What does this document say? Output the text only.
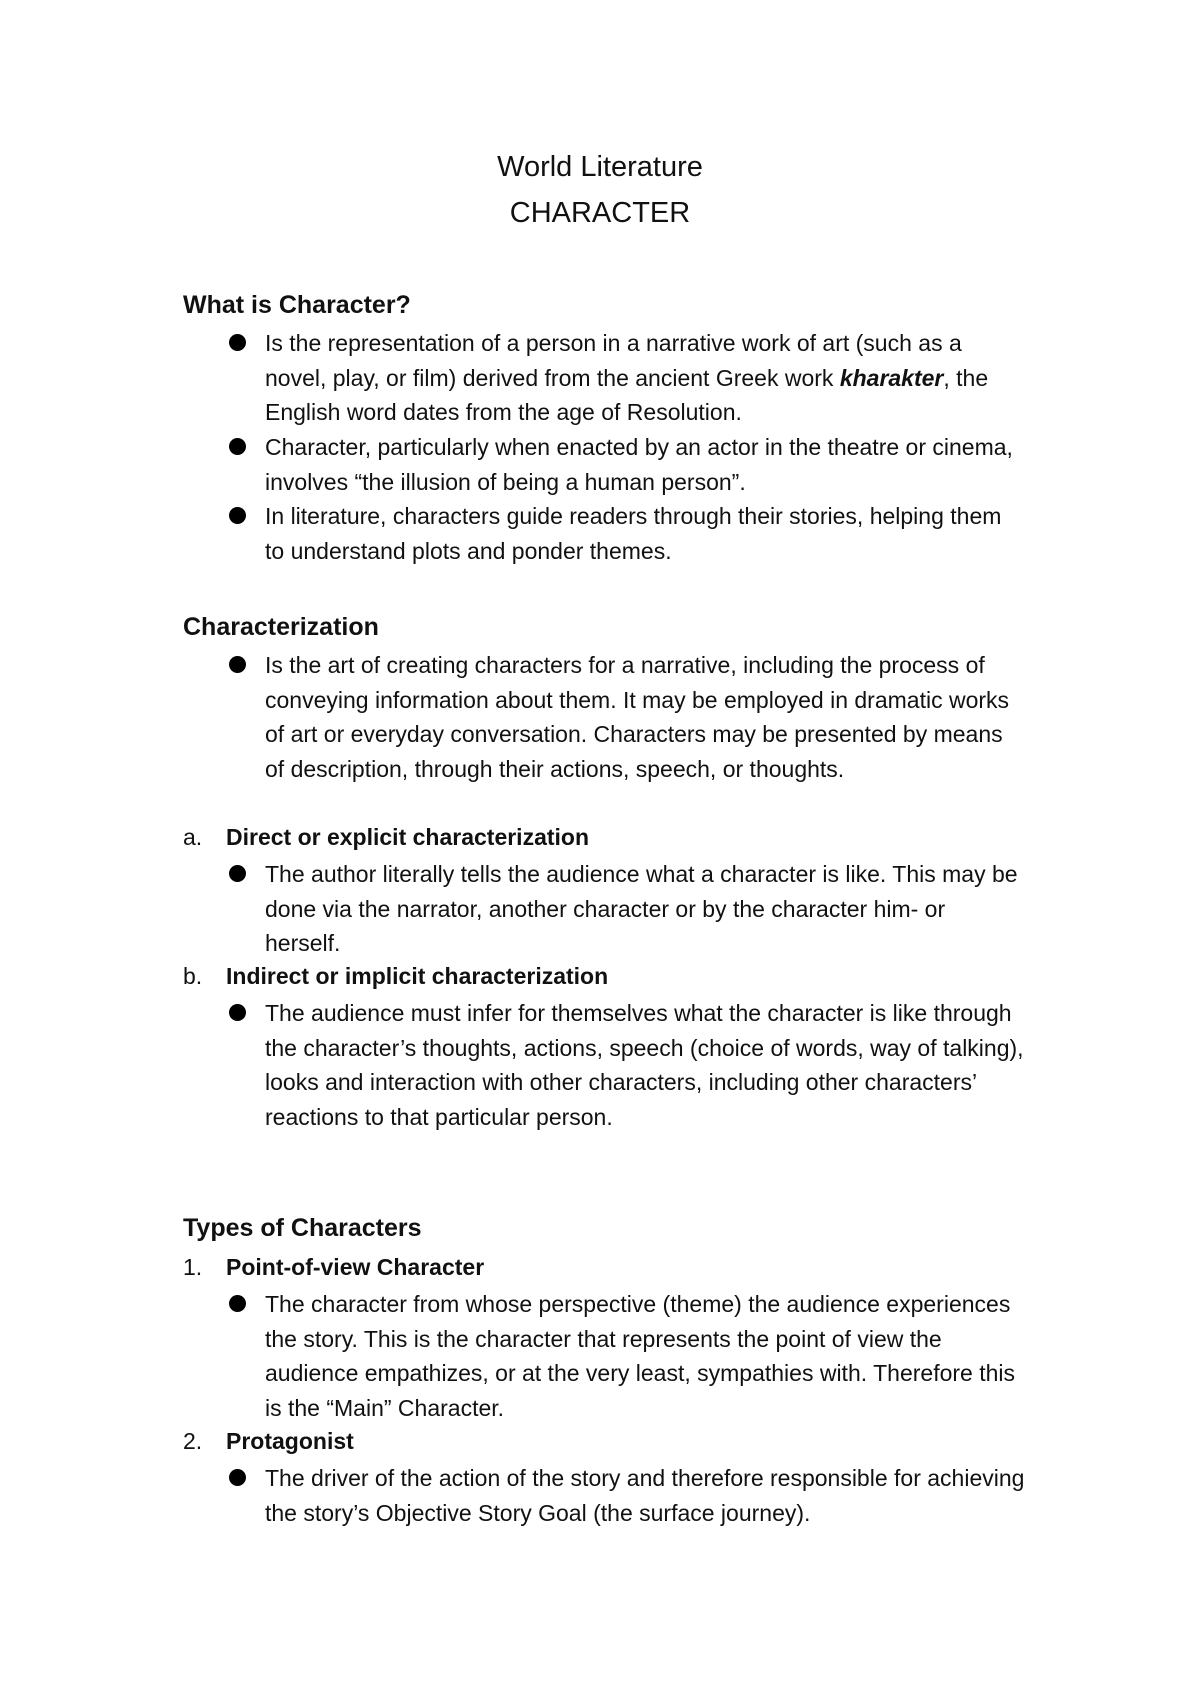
World Literature
CHARACTER
What is Character?

Is the representation of a person in a narrative work of art (such as a novel, play, or film) derived from the ancient Greek work kharakter, the English word dates from the age of Resolution.

Character, particularly when enacted by an actor in the theatre or cinema, involves “the illusion of being a human person”.

In literature, characters guide readers through their stories, helping them to understand plots and ponder themes.

Characterization

Is the art of creating characters for a narrative, including the process of conveying information about them. It may be employed in dramatic works of art or everyday conversation. Characters may be presented by means of description, through their actions, speech, or thoughts.

a. Direct or explicit characterization

The author literally tells the audience what a character is like. This may be done via the narrator, another character or by the character him- or herself.

b. Indirect or implicit characterization

The audience must infer for themselves what the character is like through the character’s thoughts, actions, speech (choice of words, way of talking), looks and interaction with other characters, including other characters’ reactions to that particular person.

Types of Characters
1. Point-of-view Character

The character from whose perspective (theme) the audience experiences the story. This is the character that represents the point of view the audience empathizes, or at the very least, sympathies with. Therefore this is the “Main” Character.

2. Protagonist

The driver of the action of the story and therefore responsible for achieving the story’s Objective Story Goal (the surface journey).
